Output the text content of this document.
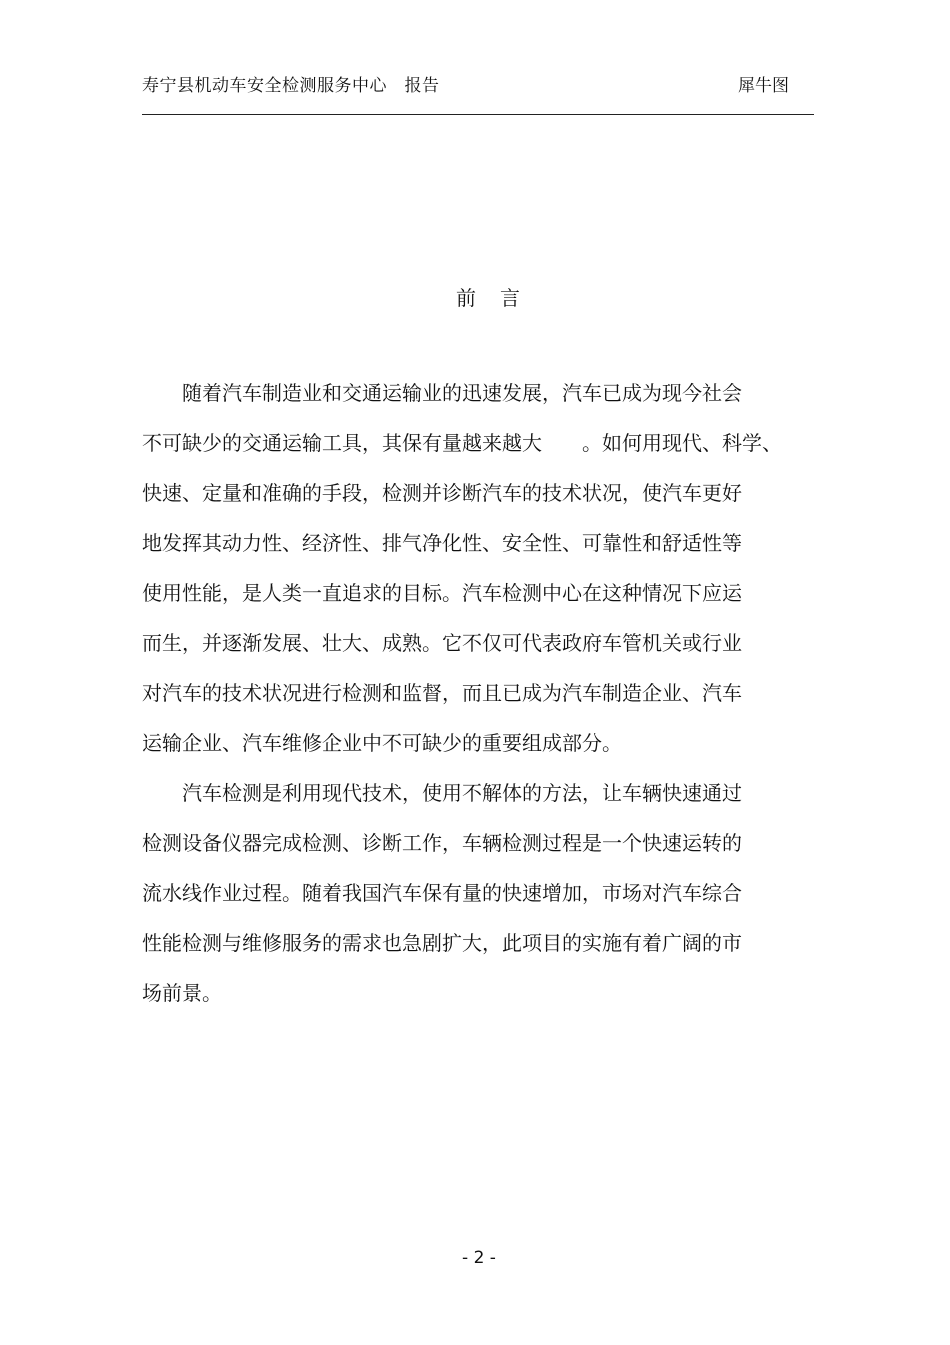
寿宁县机动车安全检测服务中心　报告	犀牛图
前言
　　随着汽车制造业和交通运输业的迅速发展，汽车已成为现今社会
不可缺少的交通运输工具，其保有量越来越大　　。如何用现代、科学、
快速、定量和准确的手段，检测并诊断汽车的技术状况，使汽车更好
地发挥其动力性、经济性、排气净化性、安全性、可靠性和舒适性等
使用性能，是人类一直追求的目标。汽车检测中心在这种情况下应运
而生，并逐渐发展、壮大、成熟。它不仅可代表政府车管机关或行业
对汽车的技术状况进行检测和监督，而且已成为汽车制造企业、汽车
运输企业、汽车维修企业中不可缺少的重要组成部分。
　　汽车检测是利用现代技术，使用不解体的方法，让车辆快速通过
检测设备仪器完成检测、诊断工作，车辆检测过程是一个快速运转的
流水线作业过程。随着我国汽车保有量的快速增加，市场对汽车综合
性能检测与维修服务的需求也急剧扩大，此项目的实施有着广阔的市
场前景。
- 2 -
